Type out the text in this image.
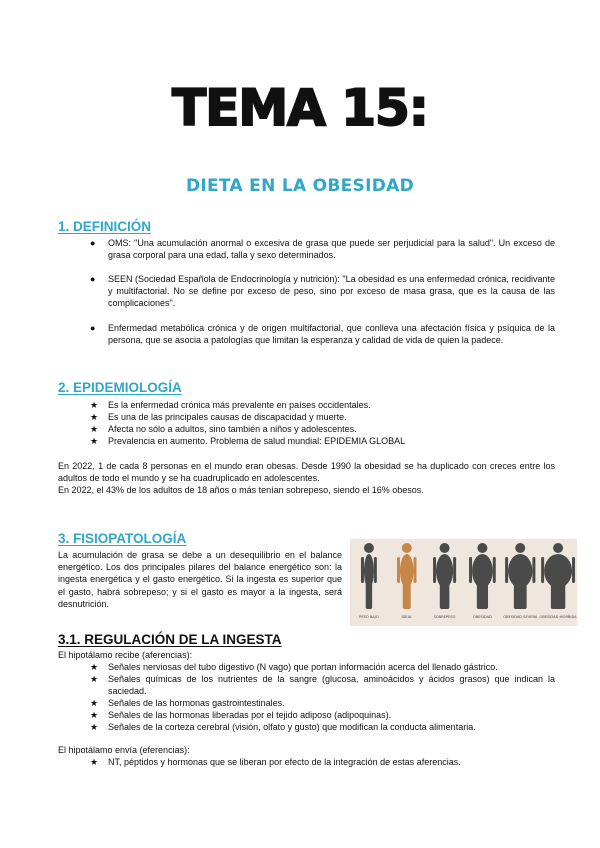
TEMA 15:
DIETA EN LA OBESIDAD
1. DEFINICIÓN
● OMS: "Una acumulación anormal o excesiva de grasa que puede ser perjudicial para la salud". Un exceso de grasa corporal para una edad, talla y sexo determinados.
● SEEN (Sociedad Española de Endocrinología y nutrición): "La obesidad es una enfermedad crónica, recidivante y multifactorial. No se define por exceso de peso, sino por exceso de masa grasa, que es la causa de las complicaciones".
● Enfermedad metabólica crónica y de origen multifactorial, que conlleva una afectación física y psíquica de la persona, que se asocia a patologías que limitan la esperanza y calidad de vida de quien la padece.
2. EPIDEMIOLOGÍA
★ Es la enfermedad crónica más prevalente en países occidentales.
★ Es una de las principales causas de discapacidad y muerte.
★ Afecta no sólo a adultos, sino también a niños y adolescentes.
★ Prevalencia en aumento. Problema de salud mundial: EPIDEMIA GLOBAL
En 2022, 1 de cada 8 personas en el mundo eran obesas. Desde 1990 la obesidad se ha duplicado con creces entre los adultos de todo el mundo y se ha cuadruplicado en adolescentes.
En 2022, el 43% de los adultos de 18 años o más tenían sobrepeso, siendo el 16% obesos.
3. FISIOPATOLOGÍA
La acumulación de grasa se debe a un desequilibrio en el balance energético. Los dos principales pilares del balance energético son: la ingesta energética y el gasto energético. Si la ingesta es superior que el gasto, habrá sobrepeso; y si el gasto es mayor a la ingesta, será desnutrición.
PESO BAJO	IDEAL	SOBREPESO	OBESIDAD	OBESIDAD SEVERA OBESIDAD MÓRBIDA
3.1. REGULACIÓN DE LA INGESTA
El hipotálamo recibe (aferencias):
★ Señales nerviosas del tubo digestivo (N vago) que portan información acerca del llenado gástrico.
★ Señales químicas de los nutrientes de la sangre (glucosa, aminoácidos y ácidos grasos) que indican la saciedad.
★ Señales de las hormonas gastrointestinales.
★ Señales de las hormonas liberadas por el tejido adiposo (adipoquinas).
★ Señales de la corteza cerebral (visión, olfato y gusto) que modifican la conducta alimentaria.
El hipotálamo envía (eferencias):
★ NT, péptidos y hormonas que se liberan por efecto de la integración de estas aferencias.
